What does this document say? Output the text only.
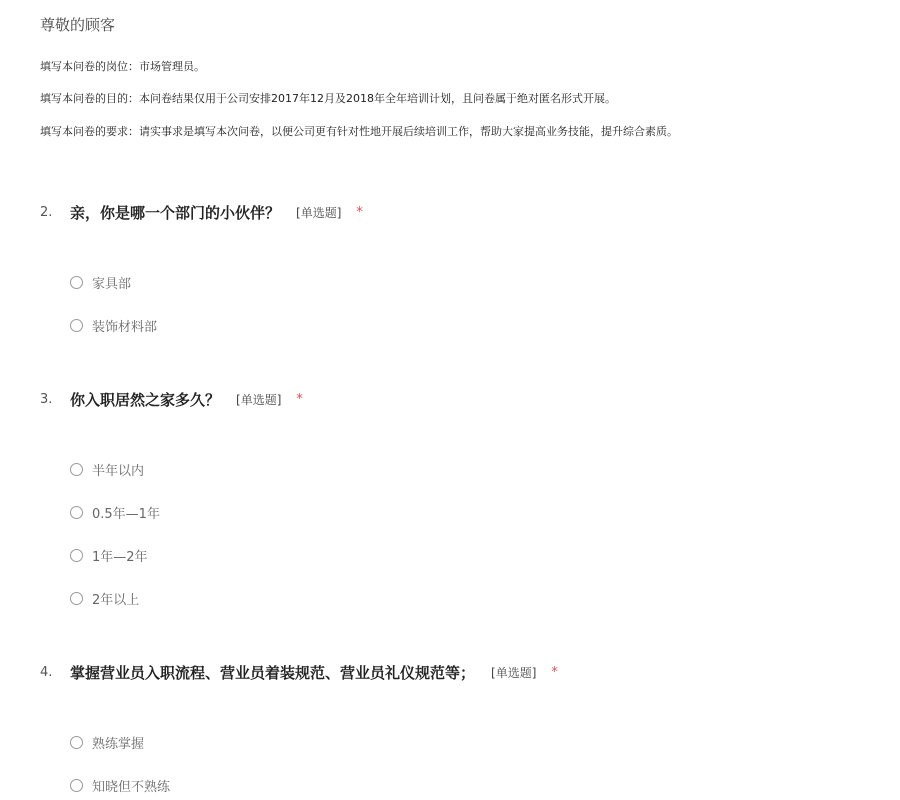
尊敬的顾客
填写本问卷的岗位：市场管理员。
填写本问卷的目的：本问卷结果仅用于公司安排2017年12月及2018年全年培训计划，且问卷属于绝对匿名形式开展。
填写本问卷的要求：请实事求是填写本次问卷，以便公司更有针对性地开展后续培训工作，帮助大家提高业务技能，提升综合素质。
2.	亲，你是哪一个部门的小伙伴？ [单选题] *
家具部
装饰材料部
3.	你入职居然之家多久？ [单选题] *
半年以内
0.5年—1年
1年—2年
2年以上
4.	掌握营业员入职流程、营业员着装规范、营业员礼仪规范等； [单选题] *
熟练掌握
知晓但不熟练
